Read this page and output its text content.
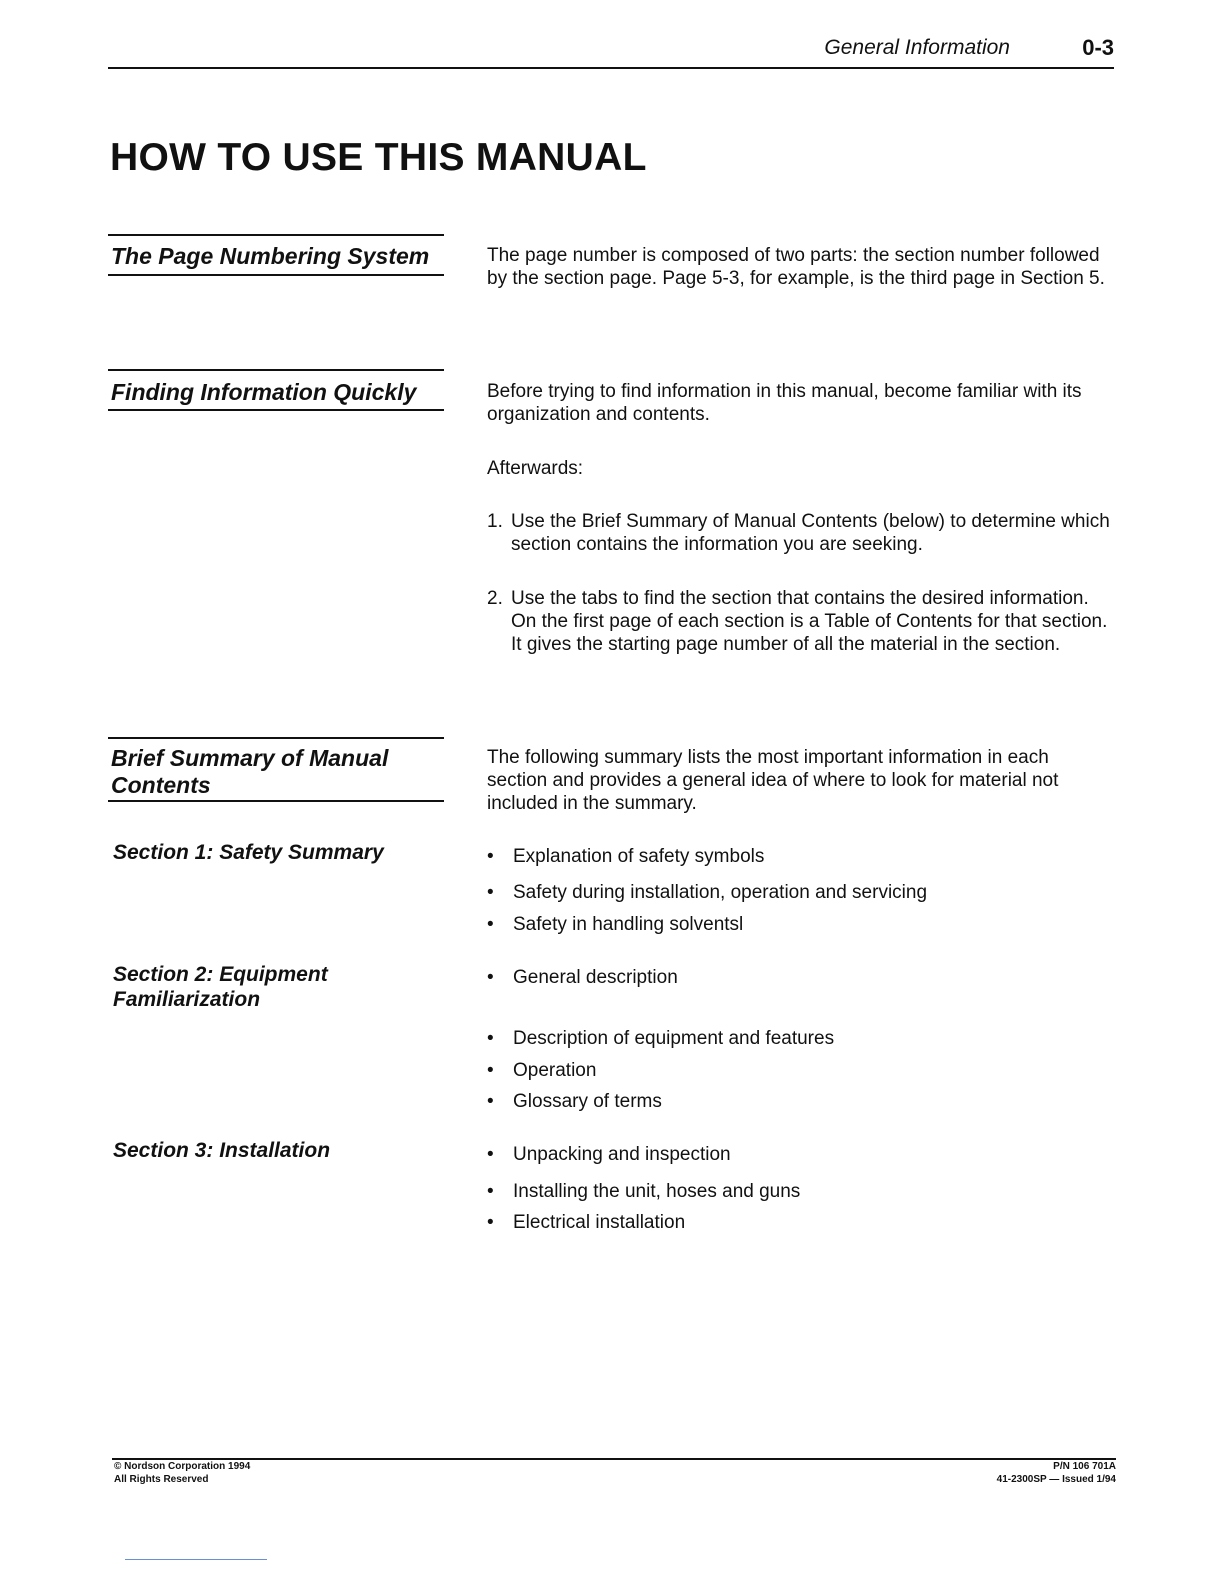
General Information	0-3
HOW TO USE THIS MANUAL
The Page Numbering System	The page number is composed of two parts: the section number followed by the section page. Page 5-3, for example, is the third page in Section 5.
Finding Information Quickly	Before trying to find information in this manual, become familiar with its organization and contents.
Afterwards:
1. Use the Brief Summary of Manual Contents (below) to determine which section contains the information you are seeking.
2. Use the tabs to find the section that contains the desired information. On the first page of each section is a Table of Contents for that section. It gives the starting page number of all the material in the section.
Brief Summary of Manual Contents
The following summary lists the most important information in each section and provides a general idea of where to look for material not included in the summary.
Section 1: Safety Summary	• Explanation of safety symbols
• Safety during installation, operation and servicing
• Safety in handling solventsl
Section 2: Equipment Familiarization
• General description
• Description of equipment and features
• Operation
• Glossary of terms
Section 3: Installation	• Unpacking and inspection
• Installing the unit, hoses and guns
• Electrical installation
© Nordson Corporation 1994
All Rights Reserved
P/N 106 701A
41-2300SP — Issued 1/94
